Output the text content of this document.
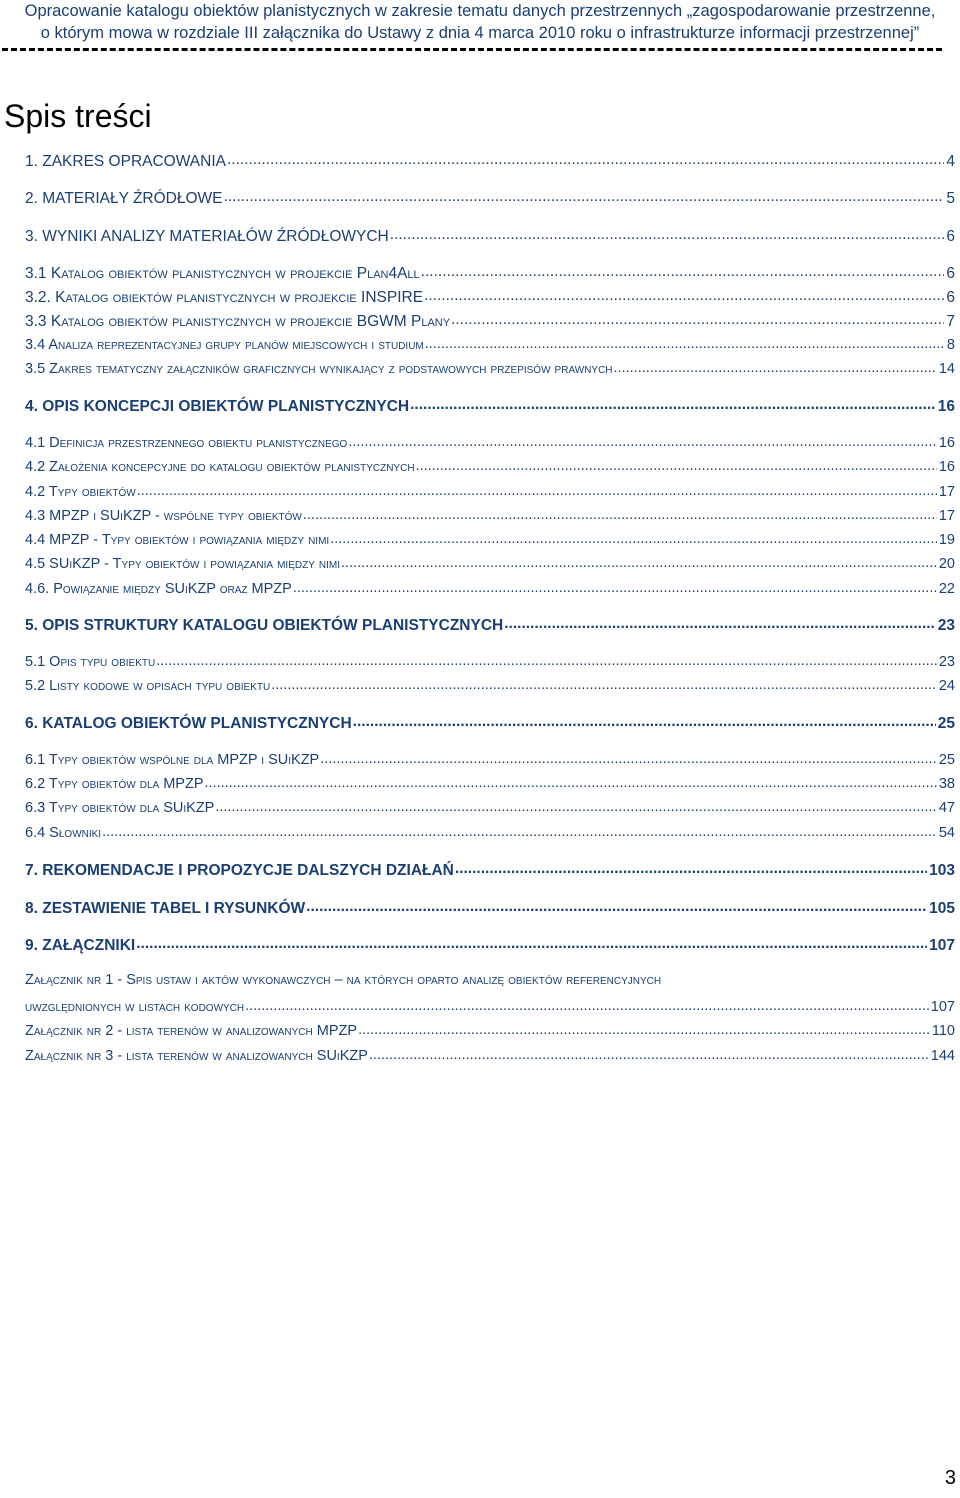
Opracowanie katalogu obiektów planistycznych w zakresie tematu danych przestrzennych „zagospodarowanie przestrzenne,
o którym mowa w rozdziale III załącznika do Ustawy z dnia 4 marca 2010 roku o infrastrukturze informacji przestrzennej”
Spis treści
1. ZAKRES OPRACOWANIA .....	4
2. MATERIAŁY ŹRÓDŁOWE .....	5
3. WYNIKI ANALIZY MATERIAŁÓW ŹRÓDŁOWYCH .....	6
3.1 Katalog obiektów planistycznych w projekcie Plan4All .....	6
3.2. Katalog obiektów planistycznych w projekcie INSPIRE .....	6
3.3 Katalog obiektów planistycznych w projekcie BGWM Plany .....	7
3.4 Analiza reprezentacyjnej grupy planów miejscowych i studium .....	8
3.5 Zakres tematyczny załączników graficznych wynikający z podstawowych przepisów prawnych .....	14
4. OPIS KONCEPCJI OBIEKTÓW PLANISTYCZNYCH .....	16
4.1 Definicja przestrzennego obiektu planistycznego .....	16
4.2 Założenia koncepcyjne do katalogu obiektów planistycznych .....	16
4.2 Typy obiektów .....	17
4.3 MPZP i SUiKZP - wspólne typy obiektów .....	17
4.4 MPZP - Typy obiektów i powiązania między nimi .....	19
4.5 SUiKZP - Typy obiektów i powiązania między nimi .....	20
4.6. Powiązanie między SUiKZP oraz MPZP .....	22
5. OPIS STRUKTURY KATALOGU OBIEKTÓW PLANISTYCZNYCH .....	23
5.1 Opis typu obiektu .....	23
5.2 Listy kodowe w opisach typu obiektu .....	24
6. KATALOG OBIEKTÓW PLANISTYCZNYCH .....	25
6.1 Typy obiektów wspólne dla MPZP i SUiKZP .....	25
6.2 Typy obiektów dla MPZP .....	38
6.3 Typy obiektów dla SUiKZP .....	47
6.4 Słowniki .....	54
7. REKOMENDACJE I PROPOZYCJE DALSZYCH DZIAŁAŃ .....	103
8. ZESTAWIENIE TABEL I RYSUNKÓW .....	105
9. ZAŁĄCZNIKI .....	107
Załącznik nr 1 - Spis ustaw i aktów wykonawczych – na których oparto analizę obiektów referencyjnych
uwzględnionych w listach kodowych .....	107
Załącznik nr 2 - lista terenów w analizowanych MPZP .....	110
Załącznik nr 3 - lista terenów w analizowanych SUiKZP .....	144
3
